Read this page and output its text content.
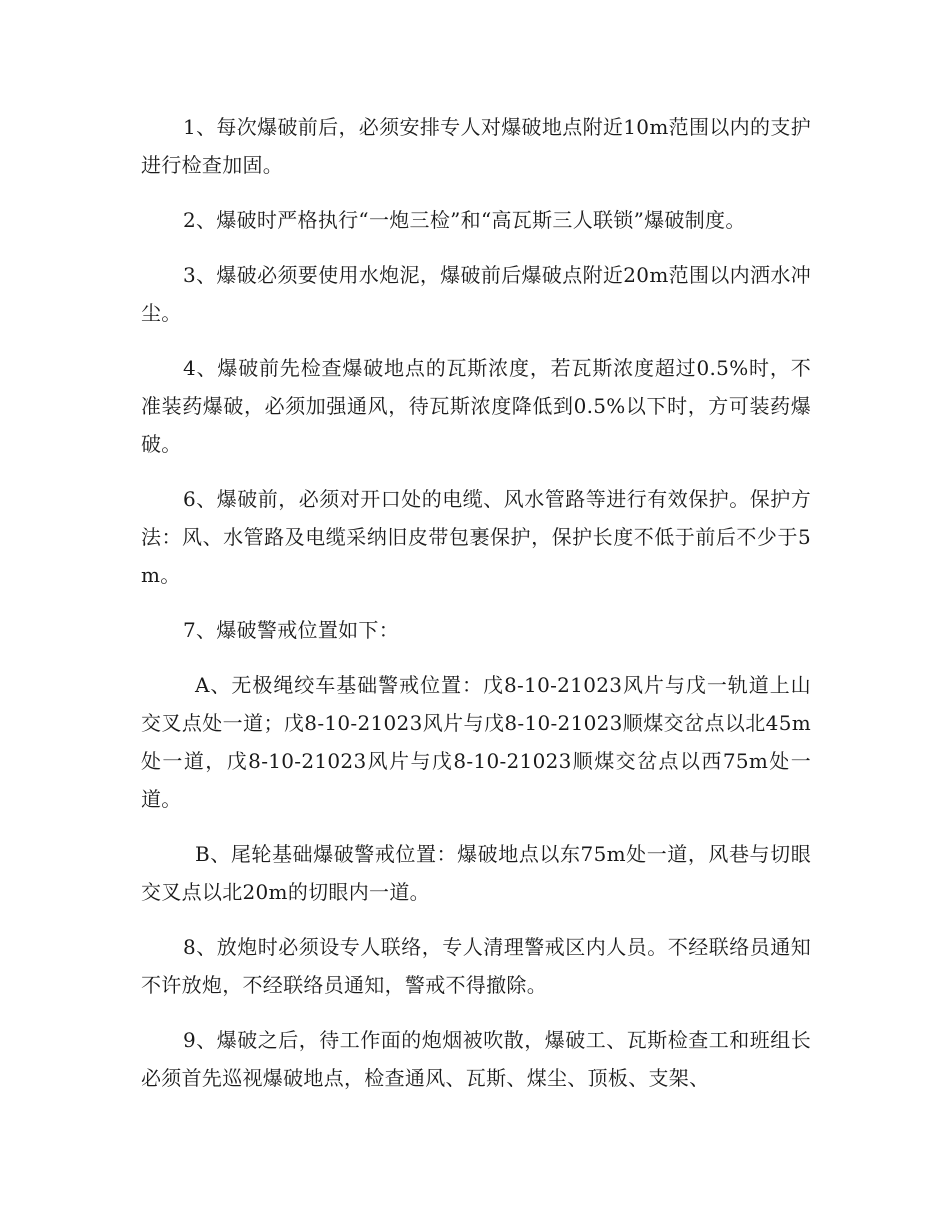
1、每次爆破前后，必须安排专人对爆破地点附近10m范围以内的支护进行检查加固。

2、爆破时严格执行“一炮三检”和“高瓦斯三人联锁”爆破制度。

3、爆破必须要使用水炮泥，爆破前后爆破点附近20m范围以内洒水冲尘。

4、爆破前先检查爆破地点的瓦斯浓度，若瓦斯浓度超过0.5%时，不准装药爆破，必须加强通风，待瓦斯浓度降低到0.5%以下时，方可装药爆破。

6、爆破前，必须对开口处的电缆、风水管路等进行有效保护。保护方法：风、水管路及电缆采纳旧皮带包裹保护，保护长度不低于前后不少于5m。

7、爆破警戒位置如下：

A、无极绳绞车基础警戒位置：戊8-10-21023风片与戊一轨道上山交叉点处一道；戊8-10-21023风片与戊8-10-21023顺煤交岔点以北45m处一道，戊8-10-21023风片与戊8-10-21023顺煤交岔点以西75m处一道。

B、尾轮基础爆破警戒位置：爆破地点以东75m处一道，风巷与切眼交叉点以北20m的切眼内一道。

8、放炮时必须设专人联络，专人清理警戒区内人员。不经联络员通知不许放炮，不经联络员通知，警戒不得撤除。

9、爆破之后，待工作面的炮烟被吹散，爆破工、瓦斯检查工和班组长必须首先巡视爆破地点，检查通风、瓦斯、煤尘、顶板、支架、
